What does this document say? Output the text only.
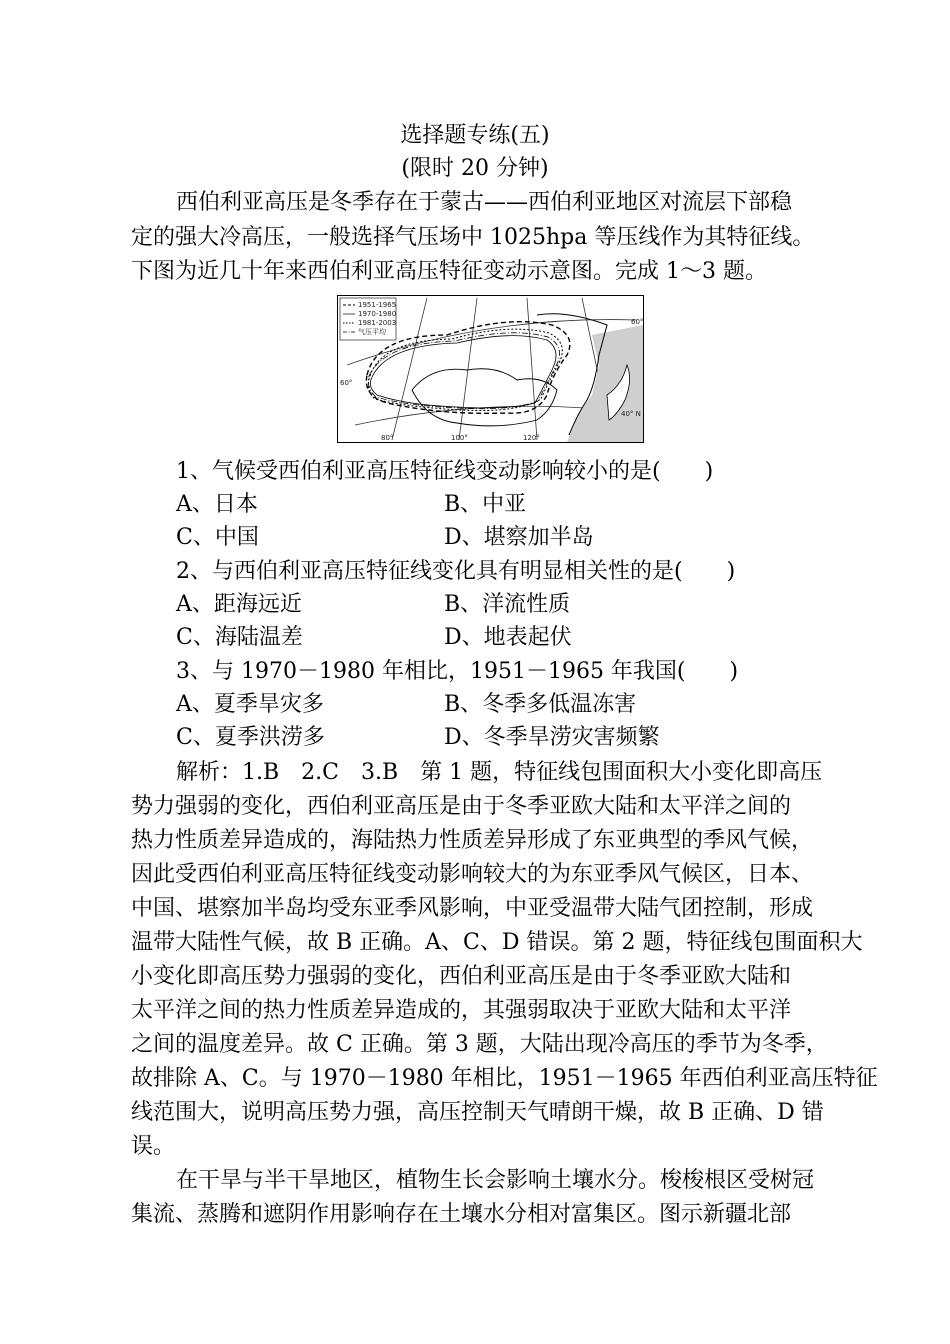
选择题专练(五)
(限时 20 分钟)
西伯利亚高压是冬季存在于蒙古——西伯利亚地区对流层下部稳
定的强大冷高压，一般选择气压场中 1025hpa 等压线作为其特征线。
下图为近几十年来西伯利亚高压特征变动示意图。完成 1～3 题。
1951-1965
1970-1980
1981-2003
气压平均
60°
60°
40° N
80°	100°	120°
1、气候受西伯利亚高压特征线变动影响较小的是(　　)
A、日本	B、中亚
C、中国	D、堪察加半岛
2、与西伯利亚高压特征线变化具有明显相关性的是(　　)
A、距海远近	B、洋流性质
C、海陆温差	D、地表起伏
3、与 1970－1980 年相比，1951－1965 年我国(　　)
A、夏季旱灾多	B、冬季多低温冻害
C、夏季洪涝多	D、冬季旱涝灾害频繁
解析：1.B　2.C　3.B　第 1 题，特征线包围面积大小变化即高压
势力强弱的变化，西伯利亚高压是由于冬季亚欧大陆和太平洋之间的
热力性质差异造成的，海陆热力性质差异形成了东亚典型的季风气候，
因此受西伯利亚高压特征线变动影响较大的为东亚季风气候区，日本、
中国、堪察加半岛均受东亚季风影响，中亚受温带大陆气团控制，形成
温带大陆性气候，故 B 正确。A、C、D 错误。第 2 题，特征线包围面积大
小变化即高压势力强弱的变化，西伯利亚高压是由于冬季亚欧大陆和
太平洋之间的热力性质差异造成的，其强弱取决于亚欧大陆和太平洋
之间的温度差异。故 C 正确。第 3 题，大陆出现冷高压的季节为冬季，
故排除 A、C。与 1970－1980 年相比，1951－1965 年西伯利亚高压特征
线范围大，说明高压势力强，高压控制天气晴朗干燥，故 B 正确、D 错
误。
在干旱与半干旱地区，植物生长会影响土壤水分。梭梭根区受树冠
集流、蒸腾和遮阴作用影响存在土壤水分相对富集区。图示新疆北部
